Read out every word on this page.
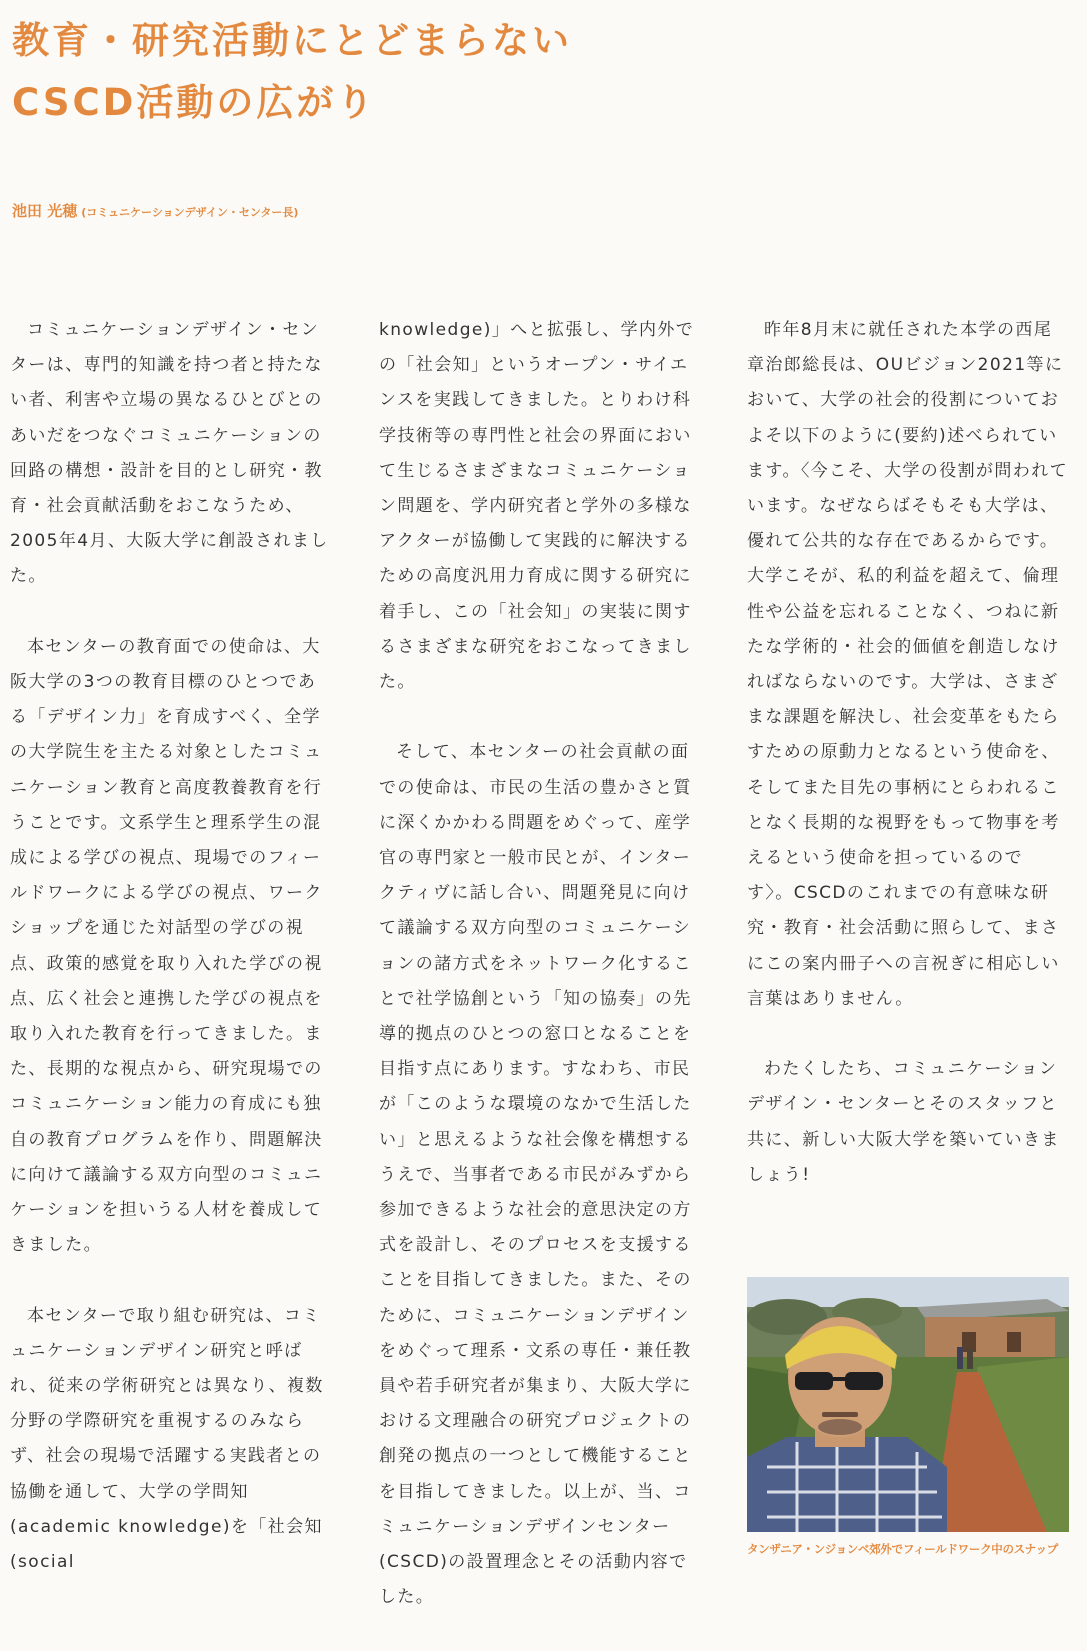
教育・研究活動にとどまらない
CSCD活動の広がり
池田 光穂 (コミュニケーションデザイン・センター長)

コミュニケーションデザイン・センターは、専門的知識を持つ者と持たない者、利害や立場の異なるひとびとのあいだをつなぐコミュニケーションの回路の構想・設計を目的とし研究・教育・社会貢献活動をおこなうため、2005年4月、大阪大学に創設されました。

本センターの教育面での使命は、大阪大学の3つの教育目標のひとつである「デザイン力」を育成すべく、全学の大学院生を主たる対象としたコミュニケーション教育と高度教養教育を行うことです。文系学生と理系学生の混成による学びの視点、現場でのフィールドワークによる学びの視点、ワークショップを通じた対話型の学びの視点、政策的感覚を取り入れた学びの視点、広く社会と連携した学びの視点を取り入れた教育を行ってきました。また、長期的な視点から、研究現場でのコミュニケーション能力の育成にも独自の教育プログラムを作り、問題解決に向けて議論する双方向型のコミュニケーションを担いうる人材を養成してきました。

本センターで取り組む研究は、コミュニケーションデザイン研究と呼ばれ、従来の学術研究とは異なり、複数分野の学際研究を重視するのみならず、社会の現場で活躍する実践者との協働を通して、大学の学問知(academic knowledge)を「社会知(social

knowledge)」へと拡張し、学内外での「社会知」というオープン・サイエンスを実践してきました。とりわけ科学技術等の専門性と社会の界面において生じるさまざまなコミュニケーション問題を、学内研究者と学外の多様なアクターが協働して実践的に解決するための高度汎用力育成に関する研究に着手し、この「社会知」の実装に関するさまざまな研究をおこなってきました。

そして、本センターの社会貢献の面での使命は、市民の生活の豊かさと質に深くかかわる問題をめぐって、産学官の専門家と一般市民とが、インタークティヴに話し合い、問題発見に向けて議論する双方向型のコミュニケーションの諸方式をネットワーク化することで社学協創という「知の協奏」の先導的拠点のひとつの窓口となることを目指す点にあります。すなわち、市民が「このような環境のなかで生活したい」と思えるような社会像を構想するうえで、当事者である市民がみずから参加できるような社会的意思決定の方式を設計し、そのプロセスを支援することを目指してきました。また、そのために、コミュニケーションデザインをめぐって理系・文系の専任・兼任教員や若手研究者が集まり、大阪大学における文理融合の研究プロジェクトの創発の拠点の一つとして機能することを目指してきました。以上が、当、コミュニケーションデザインセンター(CSCD)の設置理念とその活動内容でした。

昨年8月末に就任された本学の西尾章治郎総長は、OUビジョン2021等において、大学の社会的役割についておよそ以下のように(要約)述べられています。〈今こそ、大学の役割が問われています。なぜならばそもそも大学は、優れて公共的な存在であるからです。大学こそが、私的利益を超えて、倫理性や公益を忘れることなく、つねに新たな学術的・社会的価値を創造しなければならないのです。大学は、さまざまな課題を解決し、社会変革をもたらすための原動力となるという使命を、そしてまた目先の事柄にとらわれることなく長期的な視野をもって物事を考えるという使命を担っているのです〉。CSCDのこれまでの有意味な研究・教育・社会活動に照らして、まさにこの案内冊子への言祝ぎに相応しい言葉はありません。

わたくしたち、コミュニケーションデザイン・センターとそのスタッフと共に、新しい大阪大学を築いていきましょう!

タンザニア・ンジョンベ郊外でフィールドワーク中のスナップ
